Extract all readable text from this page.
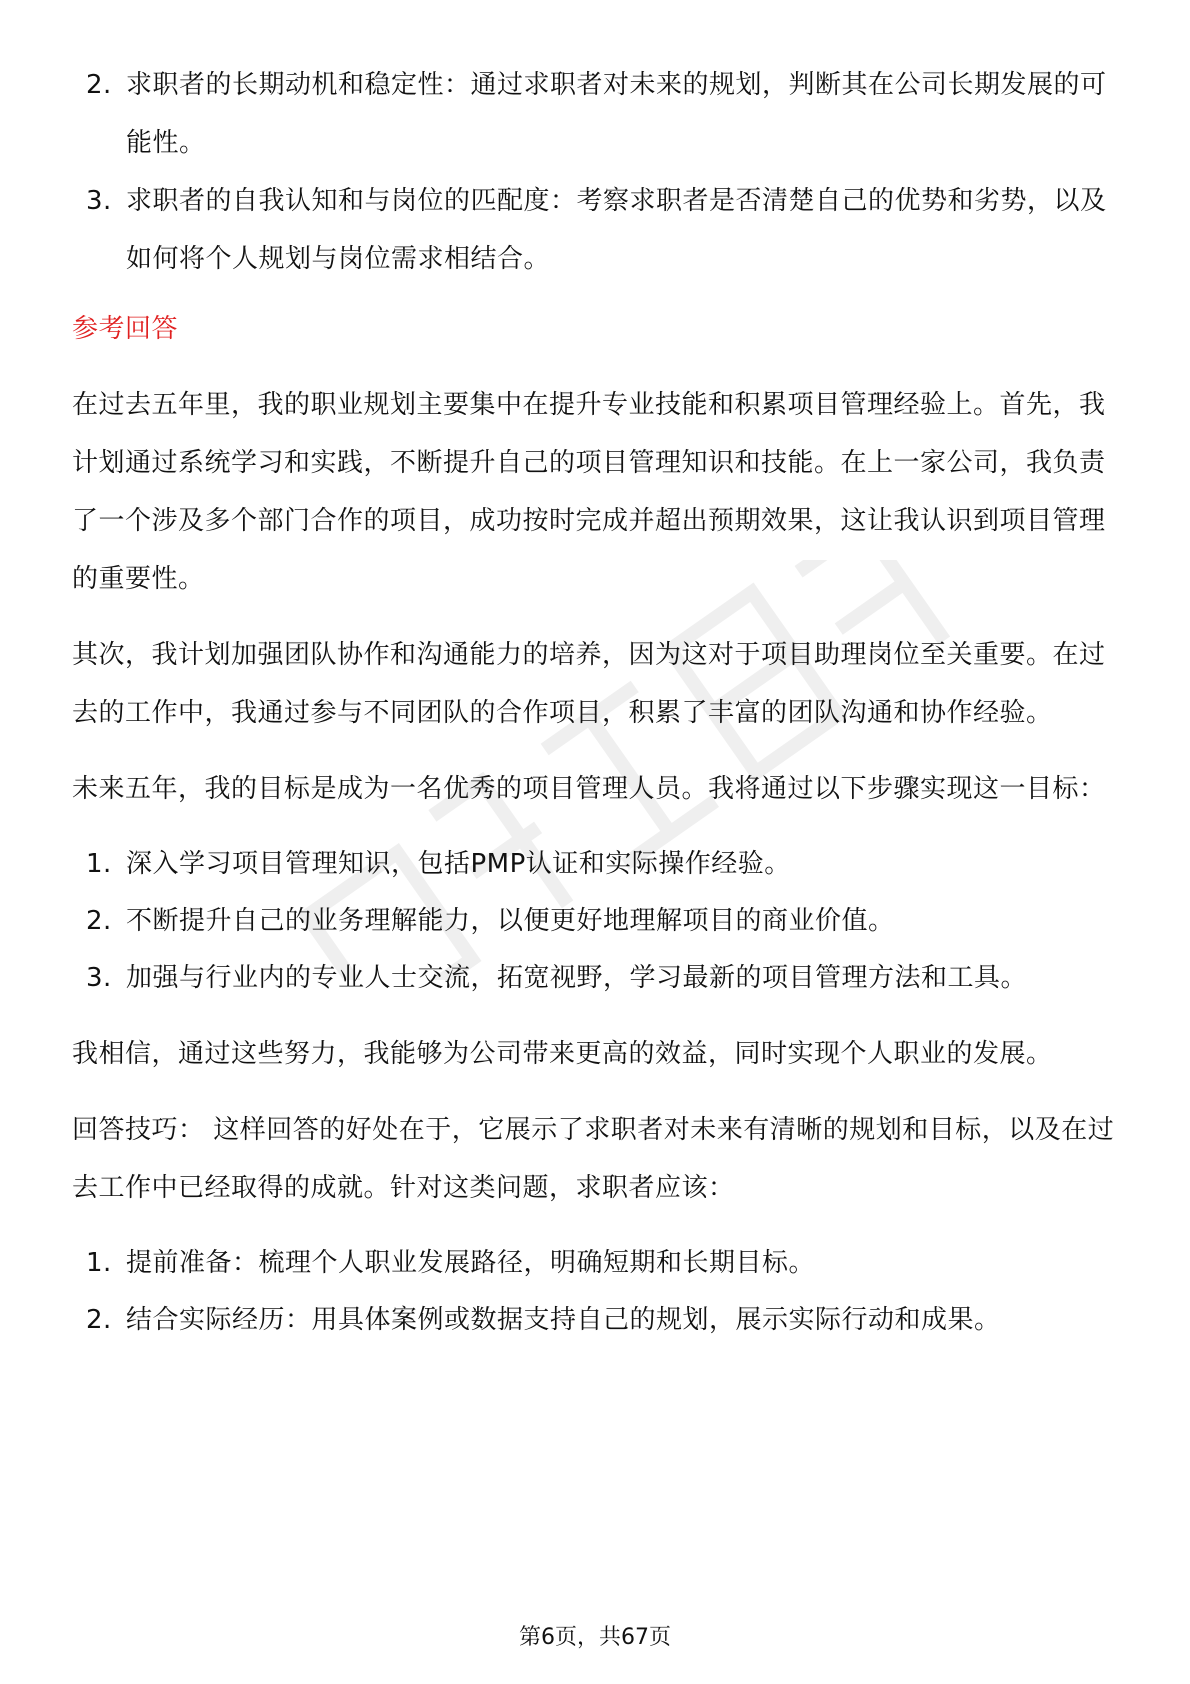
2. 求职者的长期动机和稳定性：通过求职者对未来的规划，判断其在公司长期发展的可能性。
3. 求职者的自我认知和与岗位的匹配度：考察求职者是否清楚自己的优势和劣势，以及如何将个人规划与岗位需求相结合。
参考回答

在过去五年里，我的职业规划主要集中在提升专业技能和积累项目管理经验上。首先，我计划通过系统学习和实践，不断提升自己的项目管理知识和技能。在上一家公司，我负责了一个涉及多个部门合作的项目，成功按时完成并超出预期效果，这让我认识到项目管理的重要性。

其次，我计划加强团队协作和沟通能力的培养，因为这对于项目助理岗位至关重要。在过去的工作中，我通过参与不同团队的合作项目，积累了丰富的团队沟通和协作经验。

未来五年，我的目标是成为一名优秀的项目管理人员。我将通过以下步骤实现这一目标：

1. 深入学习项目管理知识，包括PMP认证和实际操作经验。
2. 不断提升自己的业务理解能力，以便更好地理解项目的商业价值。
3. 加强与行业内的专业人士交流，拓宽视野，学习最新的项目管理方法和工具。

我相信，通过这些努力，我能够为公司带来更高的效益，同时实现个人职业的发展。

回答技巧： 这样回答的好处在于，它展示了求职者对未来有清晰的规划和目标，以及在过去工作中已经取得的成就。针对这类问题，求职者应该：

1. 提前准备：梳理个人职业发展路径，明确短期和长期目标。
2. 结合实际经历：用具体案例或数据支持自己的规划，展示实际行动和成果。
第6页，共67页
